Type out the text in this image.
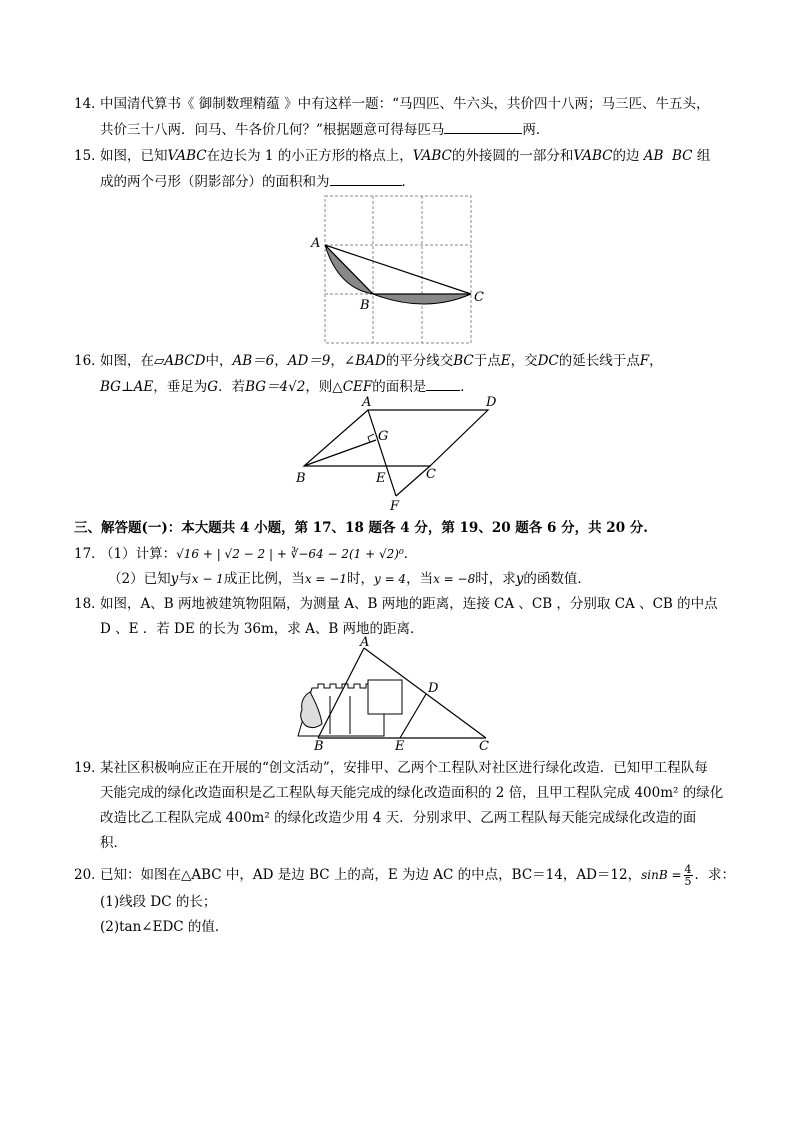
14．
中国清代算书《 御制数理精蕴 》中有这样一题：“马四匹、牛六头，共价四十八两；马三匹、牛五头，
共价三十八两．问马、牛各价几何？”根据题意可得每匹马	两．
15．
如图，已知VABC在边长为 1 的小正方形的格点上，VABC的外接圆的一部分和VABC的边 AB BC 组
成的两个弓形（阴影部分）的面积和为	．
A
B
C
16．
如图，在▱ABCD中，AB＝6，AD＝9，∠BAD的平分线交BC于点E，交DC的延长线于点F，
BG⊥AE，垂足为G．若BG＝4√2，则△CEF的面积是	．
A	D
G
B	E	C
F
三、解答题(一)：本大题共 4 小题，第 17、18 题各 4 分，第 19、20 题各 6 分，共 20 分.
17．
（1）计算：√16 + | √2 − 2 | + ∛−64 − 2(1 + √2)⁰．
（2）已知y与x − 1成正比例，当x = −1时，y = 4，当x = −8时，求y的函数值．
18．
如图，A、B 两地被建筑物阻隔，为测量 A、B 两地的距离，连接 CA 、CB ，分别取 CA 、CB 的中点
D 、E ．若 DE 的长为 36m，求 A、B 两地的距离．
A
D
B	E	C
19．
某社区积极响应正在开展的“创文活动”，安排甲、乙两个工程队对社区进行绿化改造．已知甲工程队每
天能完成的绿化改造面积是乙工程队每天能完成的绿化改造面积的 2 倍，且甲工程队完成 400m² 的绿化
改造比乙工程队完成 400m² 的绿化改造少用 4 天．分别求甲、乙两工程队每天能完成绿化改造的面
积．
20．
已知：如图在△ABC 中，AD 是边 BC 上的高，E 为边 AC 的中点，BC＝14，AD＝12，$\sin B = \frac{4}{5}$ ．求：
(1)线段 DC 的长；
(2)tan∠EDC 的值．
